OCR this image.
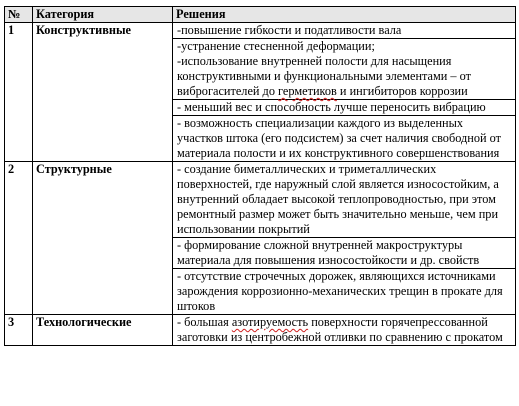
№	Категория	Решения
1	Конструктивные	-повышение гибкости и податливости вала
-устранение стесненной деформации;
-использование внутренней полости для насыщения конструктивными и функциональными элементами – от виброгасителей до герметиков и ингибиторов коррозии
- меньший вес и способность лучше переносить вибрацию
- возможность специализации каждого из выделенных участков штока (его подсистем) за счет наличия свободной от материала полости и их конструктивного совершенствования

2	Структурные	- создание биметаллических и триметаллических поверхностей, где наружный слой является износостойким, а внутренний обладает высокой теплопроводностью, при этом ремонтный размер может быть значительно меньше, чем при использовании покрытий
- формирование сложной внутренней макроструктуры материала для повышения износостойкости и др. свойств
- отсутствие строчечных дорожек, являющихся источниками зарождения коррозионно-механических трещин в прокате для штоков

3	Технологические	- большая азотируемость поверхности горячепрессованной заготовки из центробежной отливки по сравнению с прокатом
